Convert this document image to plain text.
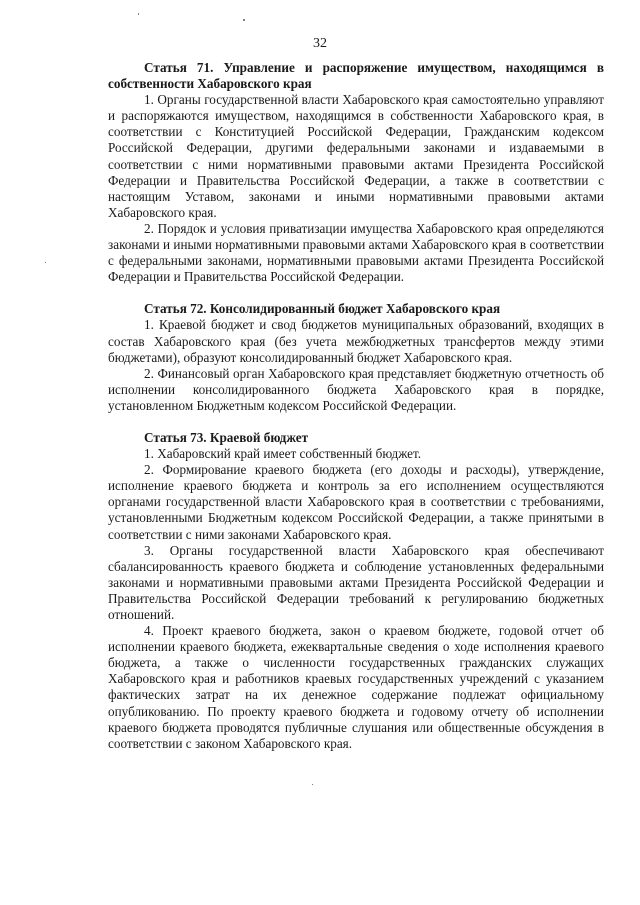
32

Статья 71. Управление и распоряжение имуществом, находящимся в собственности Хабаровского края

1. Органы государственной власти Хабаровского края самостоятельно управляют и распоряжаются имуществом, находящимся в собственности Хабаровского края, в соответствии с Конституцией Российской Федерации, Гражданским кодексом Российской Федерации, другими федеральными законами и издаваемыми в соответствии с ними нормативными правовыми актами Президента Российской Федерации и Правительства Российской Федерации, а также в соответствии с настоящим Уставом, законами и иными нормативными правовыми актами Хабаровского края.

2. Порядок и условия приватизации имущества Хабаровского края определяются законами и иными нормативными правовыми актами Хабаровского края в соответствии с федеральными законами, нормативными правовыми актами Президента Российской Федерации и Правительства Российской Федерации.

Статья 72. Консолидированный бюджет Хабаровского края

1. Краевой бюджет и свод бюджетов муниципальных образований, входящих в состав Хабаровского края (без учета межбюджетных трансфертов между этими бюджетами), образуют консолидированный бюджет Хабаровского края.

2. Финансовый орган Хабаровского края представляет бюджетную отчетность об исполнении консолидированного бюджета Хабаровского края в порядке, установленном Бюджетным кодексом Российской Федерации.

Статья 73. Краевой бюджет

1. Хабаровский край имеет собственный бюджет.

2. Формирование краевого бюджета (его доходы и расходы), утверждение, исполнение краевого бюджета и контроль за его исполнением осуществляются органами государственной власти Хабаровского края в соответствии с требованиями, установленными Бюджетным кодексом Российской Федерации, а также принятыми в соответствии с ними законами Хабаровского края.

3. Органы государственной власти Хабаровского края обеспечивают сбалансированность краевого бюджета и соблюдение установленных федеральными законами и нормативными правовыми актами Президента Российской Федерации и Правительства Российской Федерации требований к регулированию бюджетных отношений.

4. Проект краевого бюджета, закон о краевом бюджете, годовой отчет об исполнении краевого бюджета, ежеквартальные сведения о ходе исполнения краевого бюджета, а также о численности государственных гражданских служащих Хабаровского края и работников краевых государственных учреждений с указанием фактических затрат на их денежное содержание подлежат официальному опубликованию. По проекту краевого бюджета и годовому отчету об исполнении краевого бюджета проводятся публичные слушания или общественные обсуждения в соответствии с законом Хабаровского края.
